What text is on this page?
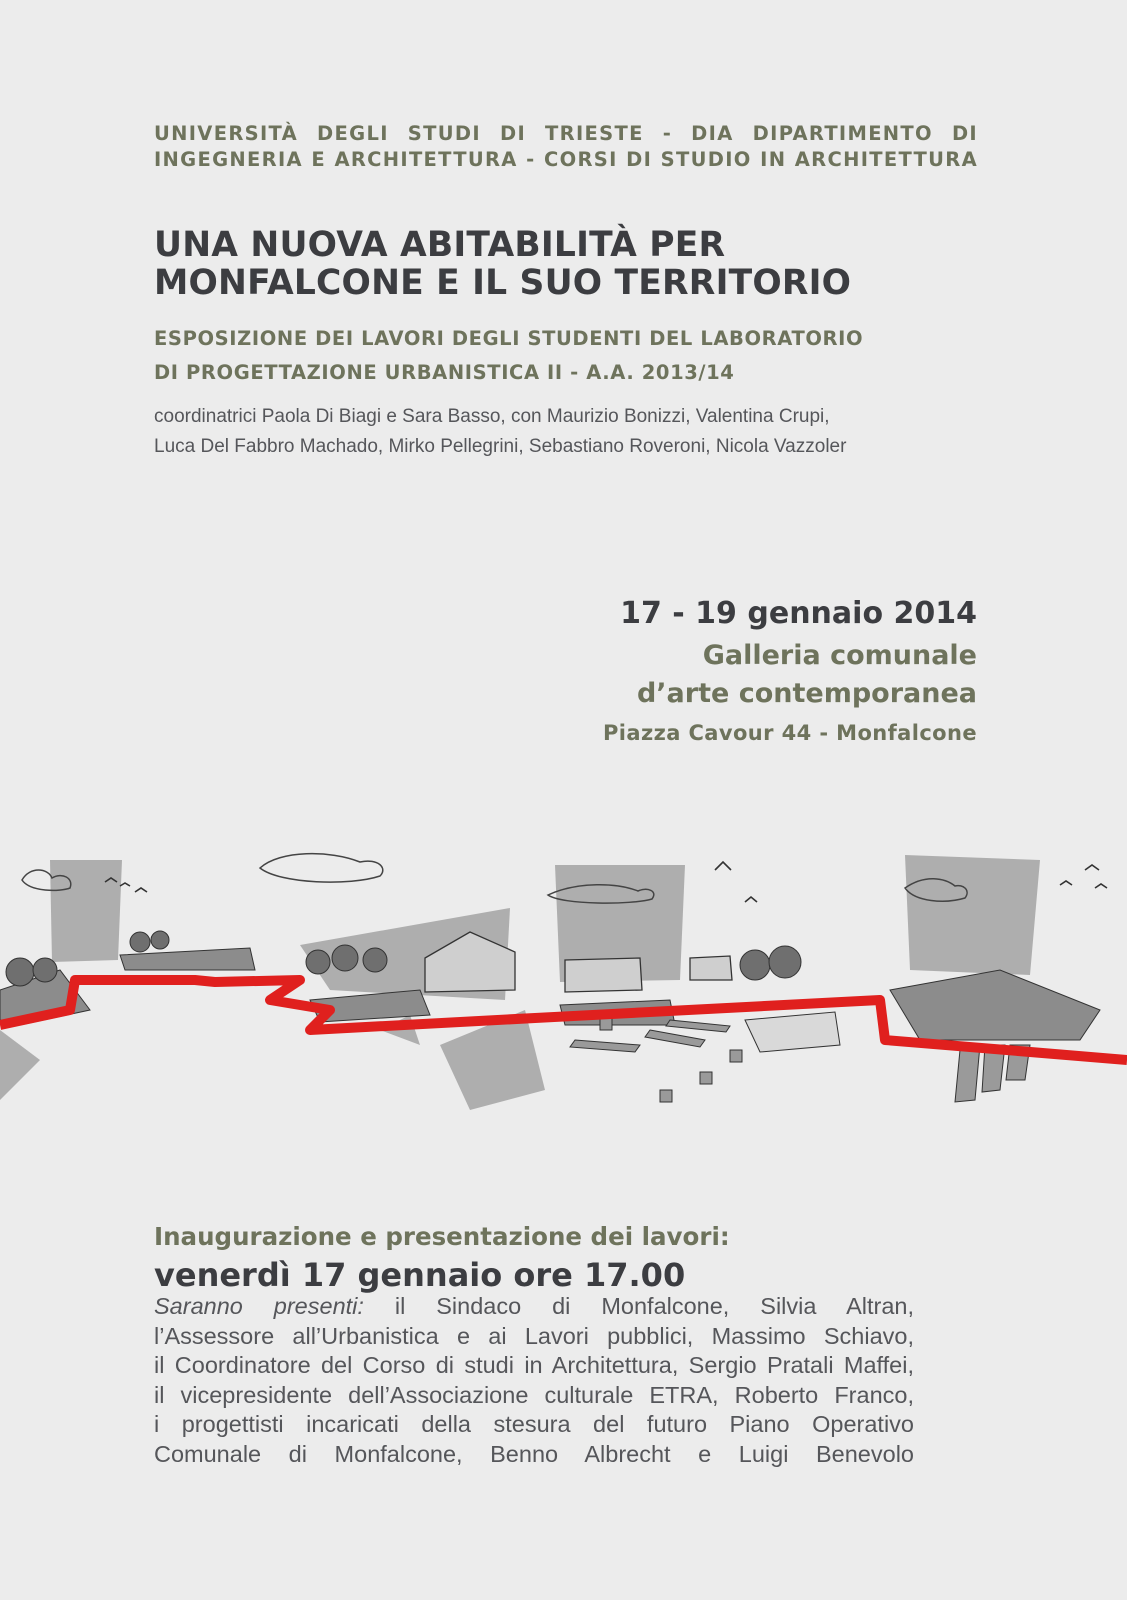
UNIVERSITÀ DEGLI STUDI DI TRIESTE - DIA DIPARTIMENTO DI
INGEGNERIA E ARCHITETTURA - CORSI DI STUDIO IN ARCHITETTURA
UNA NUOVA ABITABILITÀ PER
MONFALCONE E IL SUO TERRITORIO
ESPOSIZIONE DEI LAVORI DEGLI STUDENTI DEL LABORATORIO
DI PROGETTAZIONE URBANISTICA II - A.A. 2013/14
coordinatrici Paola Di Biagi e Sara Basso, con Maurizio Bonizzi, Valentina Crupi,
Luca Del Fabbro Machado, Mirko Pellegrini, Sebastiano Roveroni, Nicola Vazzoler
17 - 19 gennaio 2014
Galleria comunale
d’arte contemporanea
Piazza Cavour 44 - Monfalcone
Inaugurazione e presentazione dei lavori:
venerdì 17 gennaio ore 17.00
Saranno presenti: il Sindaco di Monfalcone, Silvia Altran,
l’Assessore all’Urbanistica e ai Lavori pubblici, Massimo Schiavo,
il Coordinatore del Corso di studi in Architettura, Sergio Pratali Maffei,
il vicepresidente dell’Associazione culturale ETRA, Roberto Franco,
i progettisti incaricati della stesura del futuro Piano Operativo
Comunale di Monfalcone, Benno Albrecht e Luigi Benevolo
